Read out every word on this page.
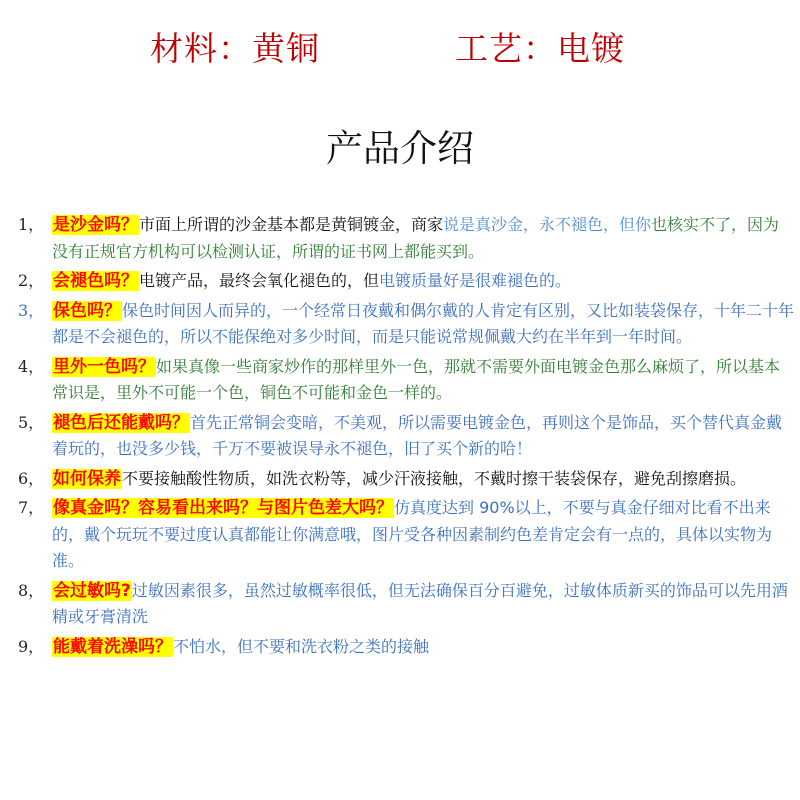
材料：黄铜	工艺：电镀
产品介绍
1， 是沙金吗？市面上所谓的沙金基本都是黄铜镀金，商家说是真沙金，永不褪色，但你也核实不了，因为没有正规官方机构可以检测认证，所谓的证书网上都能买到。
2， 会褪色吗？电镀产品，最终会氧化褪色的，但电镀质量好是很难褪色的。
3， 保色吗？保色时间因人而异的，一个经常日夜戴和偶尔戴的人肯定有区别，又比如装袋保存，十年二十年都是不会褪色的，所以不能保绝对多少时间，而是只能说常规佩戴大约在半年到一年时间。
4， 里外一色吗？如果真像一些商家炒作的那样里外一色，那就不需要外面电镀金色那么麻烦了，所以基本常识是，里外不可能一个色，铜色不可能和金色一样的。
5， 褪色后还能戴吗？首先正常铜会变暗，不美观，所以需要电镀金色，再则这个是饰品，买个替代真金戴着玩的，也没多少钱，千万不要被误导永不褪色，旧了买个新的哈！
6， 如何保养不要接触酸性物质，如洗衣粉等，减少汗液接触，不戴时擦干装袋保存，避免刮擦磨损。
7， 像真金吗？容易看出来吗？与图片色差大吗？仿真度达到 90%以上，不要与真金仔细对比看不出来的，戴个玩玩不要过度认真都能让你满意哦，图片受各种因素制约色差肯定会有一点的，具体以实物为准。
8， 会过敏吗?过敏因素很多，虽然过敏概率很低，但无法确保百分百避免，过敏体质新买的饰品可以先用酒精或牙膏清洗
9， 能戴着洗澡吗？不怕水，但不要和洗衣粉之类的接触
